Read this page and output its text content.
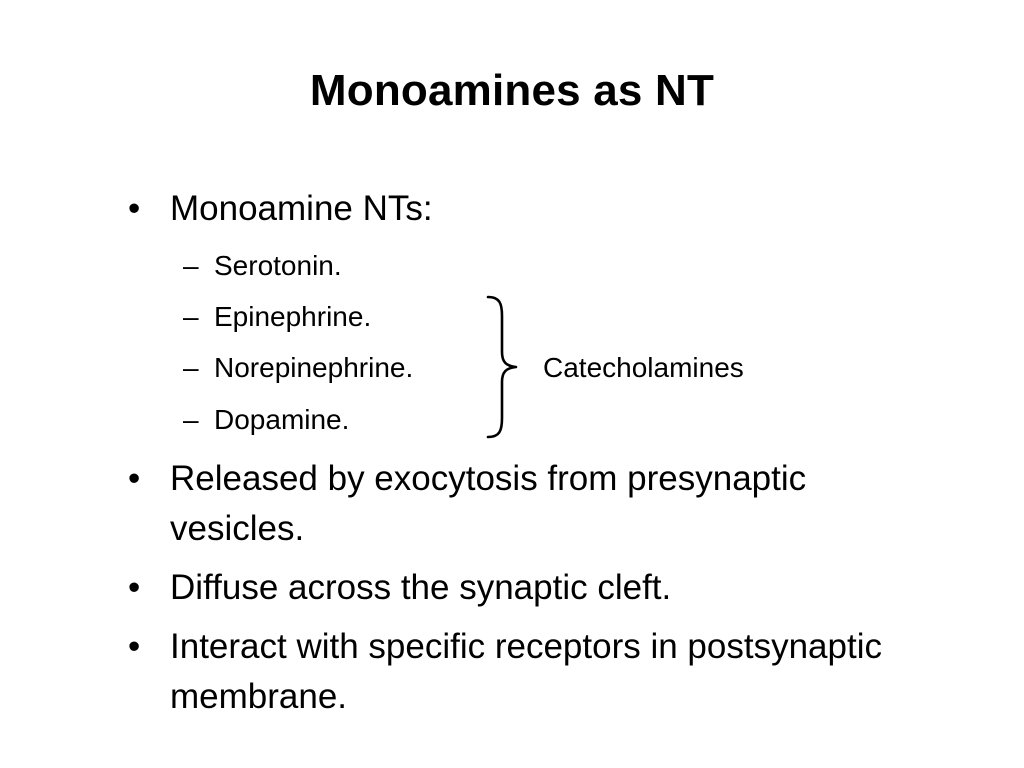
Monoamines as NT
• Monoamine NTs:
– Serotonin.
– Epinephrine.
– Norepinephrine.
– Dopamine.
Catecholamines
• Released by exocytosis from presynaptic vesicles.
• Diffuse across the synaptic cleft.
• Interact with specific receptors in postsynaptic membrane.
